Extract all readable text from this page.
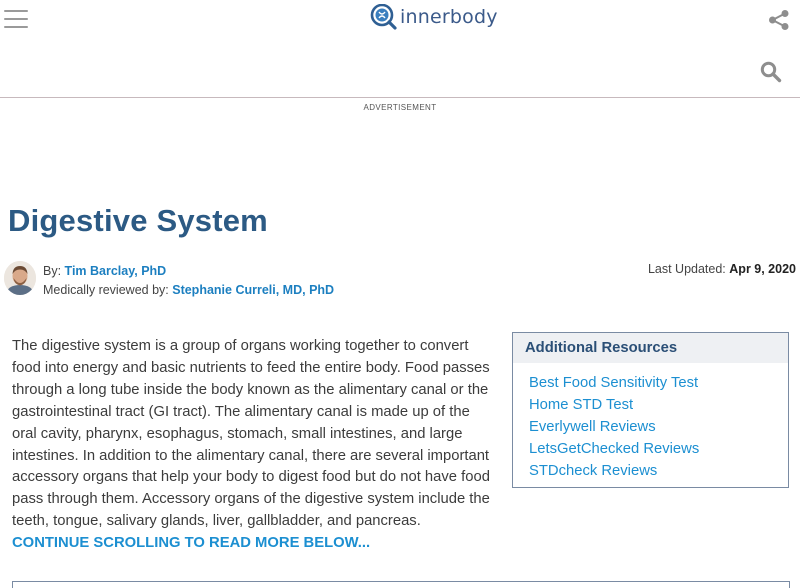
innerbody
ADVERTISEMENT
Digestive System
By: Tim Barclay, PhD
Medically reviewed by: Stephanie Curreli, MD, PhD
Last Updated: Apr 9, 2020

The digestive system is a group of organs working together to convert food into energy and basic nutrients to feed the entire body. Food passes through a long tube inside the body known as the alimentary canal or the gastrointestinal tract (GI tract). The alimentary canal is made up of the oral cavity, pharynx, esophagus, stomach, small intestines, and large intestines. In addition to the alimentary canal, there are several important accessory organs that help your body to digest food but do not have food pass through them. Accessory organs of the digestive system include the teeth, tongue, salivary glands, liver, gallbladder, and pancreas. CONTINUE SCROLLING TO READ MORE BELOW...

Additional Resources
Best Food Sensitivity Test
Home STD Test
Everlywell Reviews
LetsGetChecked Reviews
STDcheck Reviews
